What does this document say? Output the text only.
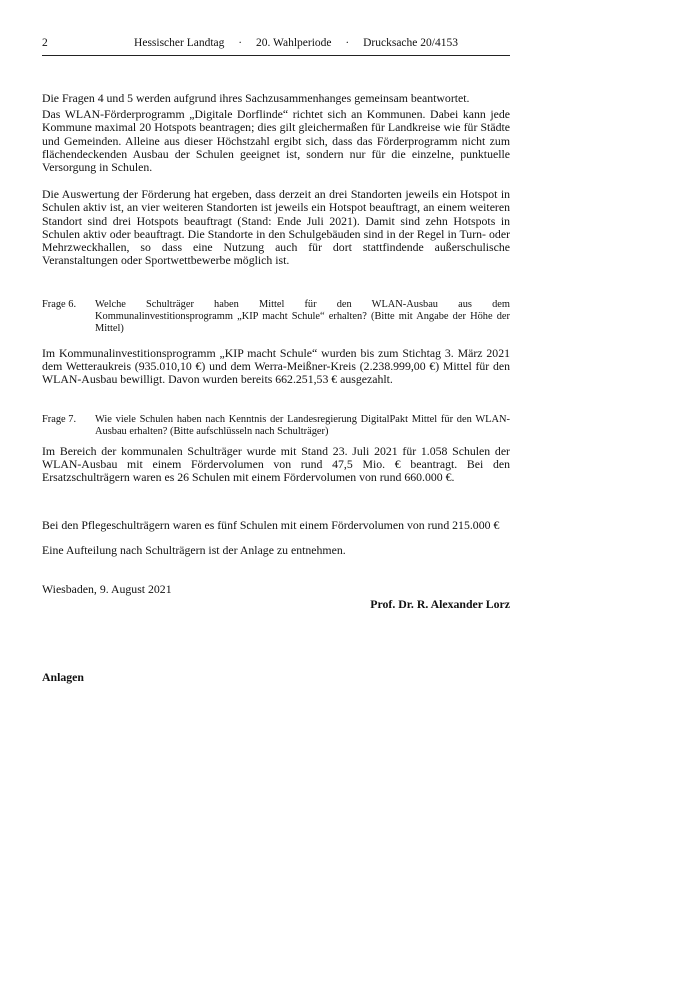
2	Hessischer Landtag · 20. Wahlperiode · Drucksache 20/4153

Die Fragen 4 und 5 werden aufgrund ihres Sachzusammenhanges gemeinsam beantwortet.

Das WLAN-Förderprogramm „Digitale Dorflinde“ richtet sich an Kommunen. Dabei kann jede Kommune maximal 20 Hotspots beantragen; dies gilt gleichermaßen für Landkreise wie für Städte und Gemeinden. Alleine aus dieser Höchstzahl ergibt sich, dass das Förderprogramm nicht zum flächendeckenden Ausbau der Schulen geeignet ist, sondern nur für die einzelne, punktuelle Versorgung in Schulen.

Die Auswertung der Förderung hat ergeben, dass derzeit an drei Standorten jeweils ein Hotspot in Schulen aktiv ist, an vier weiteren Standorten ist jeweils ein Hotspot beauftragt, an einem weiteren Standort sind drei Hotspots beauftragt (Stand: Ende Juli 2021). Damit sind zehn Hotspots in Schulen aktiv oder beauftragt. Die Standorte in den Schulgebäuden sind in der Regel in Turn- oder Mehrzweckhallen, so dass eine Nutzung auch für dort stattfindende außerschulische Veranstaltungen oder Sportwettbewerbe möglich ist.

Frage 6.	Welche Schulträger haben Mittel für den WLAN-Ausbau aus dem Kommunalinvestitionsprogramm „KIP macht Schule“ erhalten? (Bitte mit Angabe der Höhe der Mittel)

Im Kommunalinvestitionsprogramm „KIP macht Schule“ wurden bis zum Stichtag 3. März 2021 dem Wetteraukreis (935.010,10 €) und dem Werra-Meißner-Kreis (2.238.999,00 €) Mittel für den WLAN-Ausbau bewilligt. Davon wurden bereits 662.251,53 € ausgezahlt.

Frage 7.	Wie viele Schulen haben nach Kenntnis der Landesregierung DigitalPakt Mittel für den WLAN-Ausbau erhalten? (Bitte aufschlüsseln nach Schulträger)

Im Bereich der kommunalen Schulträger wurde mit Stand 23. Juli 2021 für 1.058 Schulen der WLAN-Ausbau mit einem Fördervolumen von rund 47,5 Mio. € beantragt. Bei den Ersatzschulträgern waren es 26 Schulen mit einem Fördervolumen von rund 660.000 €.

Bei den Pflegeschulträgern waren es fünf Schulen mit einem Fördervolumen von rund 215.000 €

Eine Aufteilung nach Schulträgern ist der Anlage zu entnehmen.

Wiesbaden, 9. August 2021

Prof. Dr. R. Alexander Lorz

Anlagen
